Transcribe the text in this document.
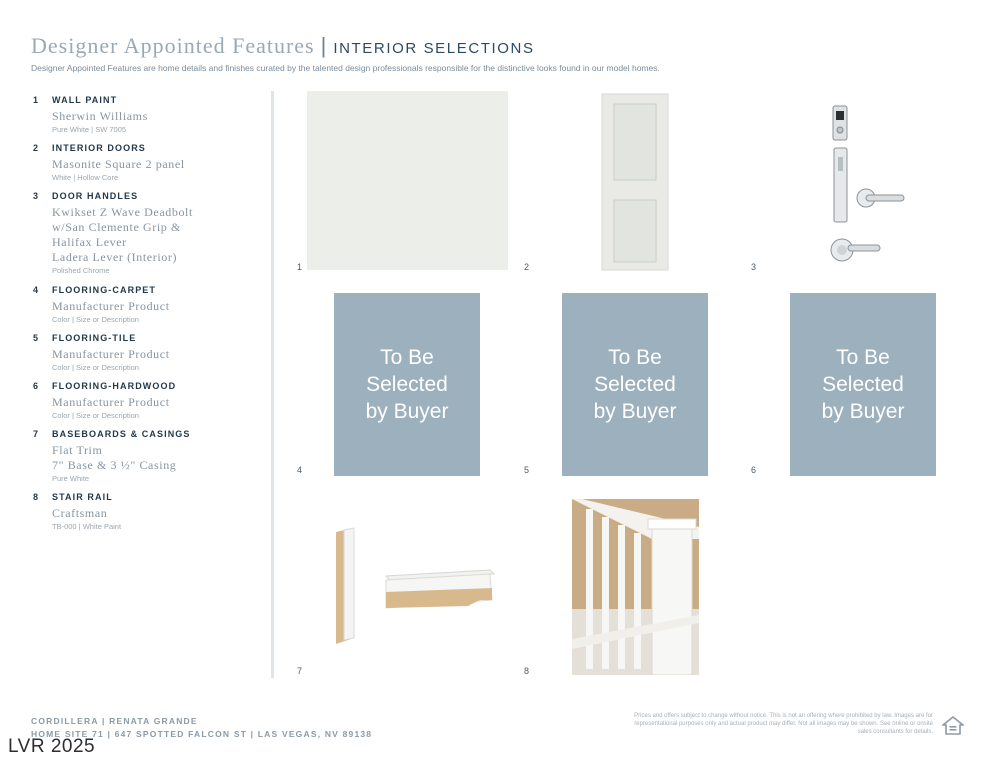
Designer Appointed Features | INTERIOR SELECTIONS
Designer Appointed Features are home details and finishes curated by the talented design professionals responsible for the distinctive looks found in our model homes.
1 WALL PAINT
Sherwin Williams
Pure White | SW 7005
2 INTERIOR DOORS
Masonite Square 2 panel
White | Hollow Core
3 DOOR HANDLES
Kwikset Z Wave Deadbolt
w/San Clemente Grip &
Halifax Lever
Ladera Lever (Interior)
Polished Chrome
4 FLOORING-CARPET
Manufacturer Product
Color | Size or Description
5 FLOORING-TILE
Manufacturer Product
Color | Size or Description
6 FLOORING-HARDWOOD
Manufacturer Product
Color | Size or Description
7 BASEBOARDS & CASINGS
Flat Trim
7" Base & 3 ½" Casing
Pure White
8 STAIR RAIL
Craftsman
TB-000 | White Paint
1	2	3
To Be
Selected
by Buyer
4
To Be
Selected
by Buyer
5
To Be
Selected
by Buyer
6
7	8
CORDILLERA | RENATA GRANDE
HOME SITE 71 | 647 SPOTTED FALCON ST | LAS VEGAS, NV 89138
Prices and offers subject to change without notice. This is not an offering where prohibited by law. Images are for representational purposes only and actual product may differ. Not all images may be shown. See online or onsite sales consultants for details.
LVR 2025
